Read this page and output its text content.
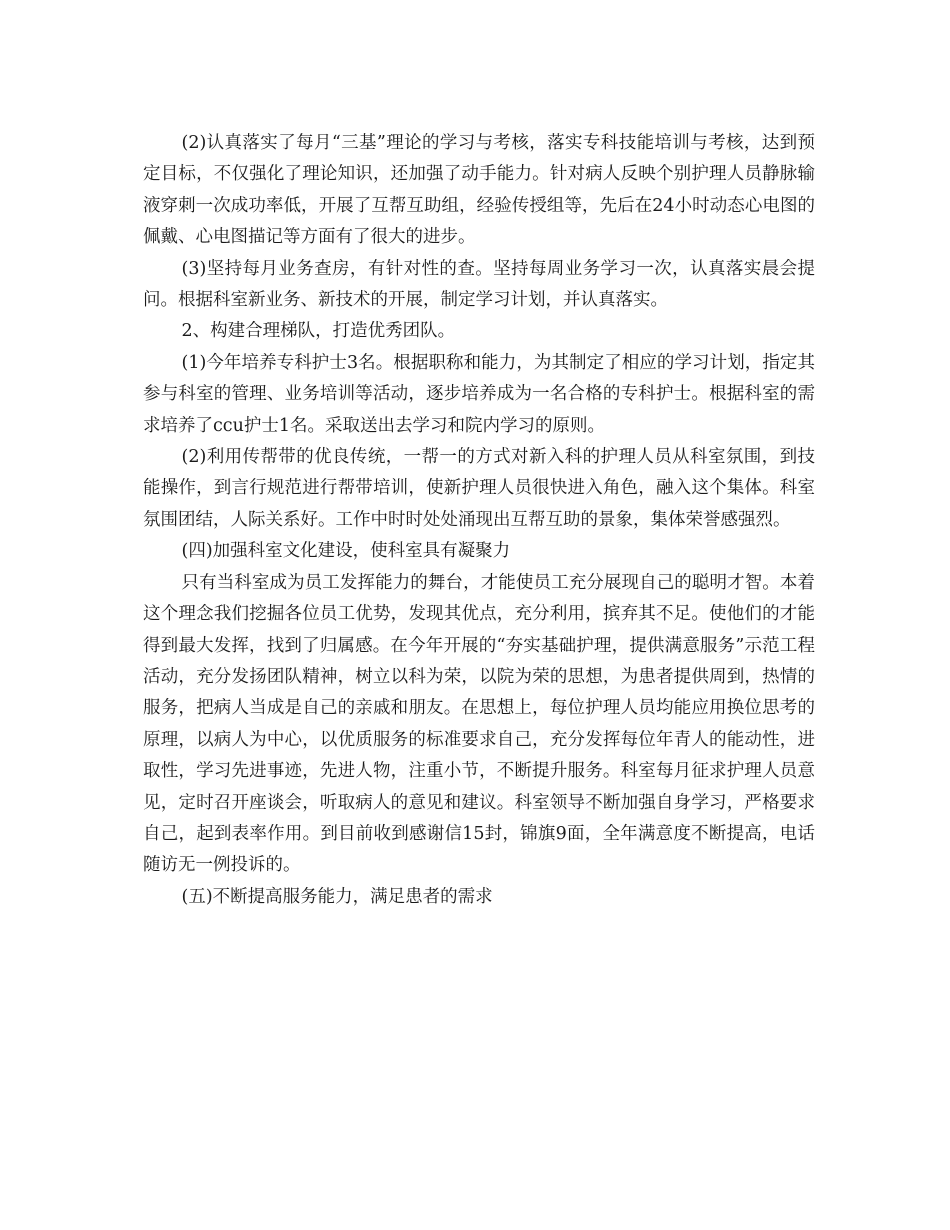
(2)认真落实了每月“三基”理论的学习与考核，落实专科技能培训与考核，达到预定目标，不仅强化了理论知识，还加强了动手能力。针对病人反映个别护理人员静脉输液穿刺一次成功率低，开展了互帮互助组，经验传授组等，先后在24小时动态心电图的佩戴、心电图描记等方面有了很大的进步。

(3)坚持每月业务查房，有针对性的查。坚持每周业务学习一次，认真落实晨会提问。根据科室新业务、新技术的开展，制定学习计划，并认真落实。

2、构建合理梯队，打造优秀团队。

(1)今年培养专科护士3名。根据职称和能力，为其制定了相应的学习计划，指定其参与科室的管理、业务培训等活动，逐步培养成为一名合格的专科护士。根据科室的需求培养了ccu护士1名。采取送出去学习和院内学习的原则。

(2)利用传帮带的优良传统，一帮一的方式对新入科的护理人员从科室氛围，到技能操作，到言行规范进行帮带培训，使新护理人员很快进入角色，融入这个集体。科室氛围团结，人际关系好。工作中时时处处涌现出互帮互助的景象，集体荣誉感强烈。

(四)加强科室文化建设，使科室具有凝聚力

只有当科室成为员工发挥能力的舞台，才能使员工充分展现自己的聪明才智。本着这个理念我们挖掘各位员工优势，发现其优点，充分利用，摈弃其不足。使他们的才能得到最大发挥，找到了归属感。在今年开展的“夯实基础护理，提供满意服务”示范工程活动，充分发扬团队精神，树立以科为荣，以院为荣的思想，为患者提供周到，热情的服务，把病人当成是自己的亲戚和朋友。在思想上，每位护理人员均能应用换位思考的原理，以病人为中心，以优质服务的标准要求自己，充分发挥每位年青人的能动性，进取性，学习先进事迹，先进人物，注重小节，不断提升服务。科室每月征求护理人员意见，定时召开座谈会，听取病人的意见和建议。科室领导不断加强自身学习，严格要求自己，起到表率作用。到目前收到感谢信15封，锦旗9面，全年满意度不断提高，电话随访无一例投诉的。

(五)不断提高服务能力，满足患者的需求
